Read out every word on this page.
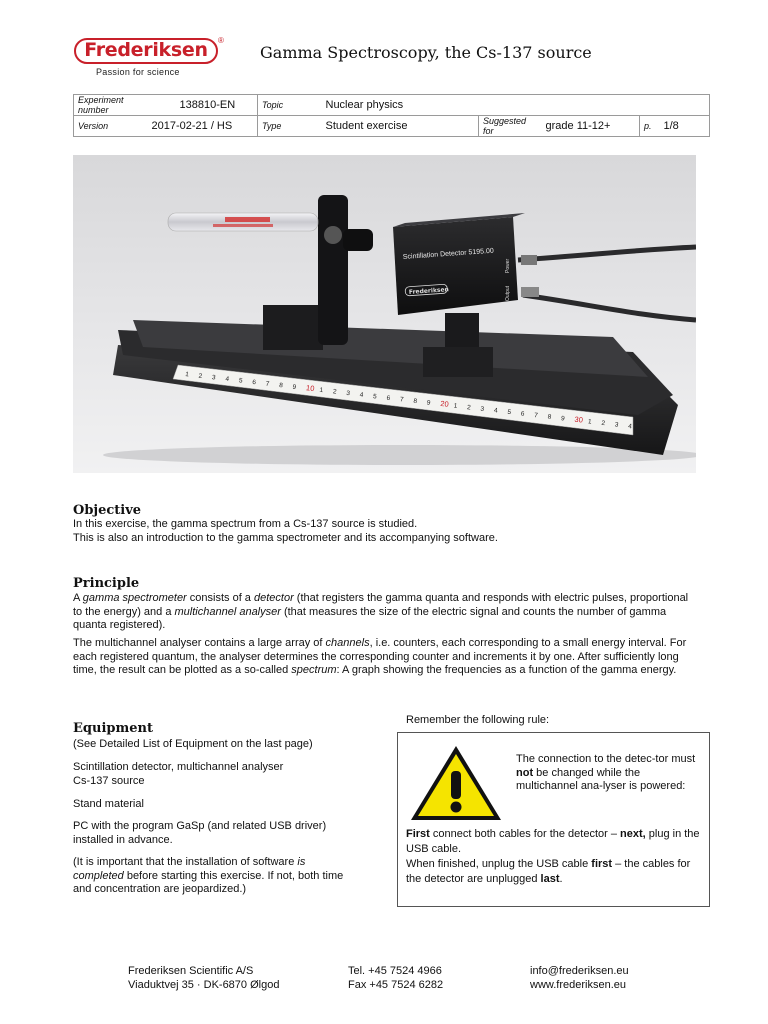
Frederiksen	®
Passion for science
Gamma Spectroscopy, the Cs-137 source
Experiment number	138810-EN	Topic	Nuclear physics				
Version	2017-02-21 / HS	Type	Student exercise	Suggested for	grade 11-12+	p.	1/8
1 2 3 4 5 6 7 8 9 10 1 2 3 4 5 6 7 8 9 20 1 2 3 4 5 6 7 8 9 30 1 2 3 4
Scintillation Detector 5195.00
Frederiksen
Power
Output
Objective
In this exercise, the gamma spectrum from a Cs-137 source is studied.
This is also an introduction to the gamma spectrometer and its accompanying software.
Principle
A gamma spectrometer consists of a detector (that registers the gamma quanta and responds with electric pulses, proportional to the energy) and a multichannel analyser (that measures the size of the electric signal and counts the number of gamma quanta registered).
The multichannel analyser contains a large array of channels, i.e. counters, each corresponding to a small energy interval. For each registered quantum, the analyser determines the corresponding counter and increments it by one. After sufficiently long time, the result can be plotted as a so-called spectrum: A graph showing the frequencies as a function of the gamma energy.
Equipment
(See Detailed List of Equipment on the last page)
Scintillation detector, multichannel analyser
Cs-137 source
Stand material
PC with the program GaSp (and related USB driver) installed in advance.
(It is important that the installation of software is completed before starting this exercise. If not, both time and concentration are jeopardized.)
Remember the following rule:
The connection to the detec-tor must not be changed while the multichannel ana-lyser is powered:
First connect both cables for the detector – next, plug in the USB cable.
When finished, unplug the USB cable first – the cables for the detector are unplugged last.
Frederiksen Scientific A/S
Viaduktvej 35 · DK-6870 Ølgod
Tel. +45 7524 4966
Fax +45 7524 6282
info@frederiksen.eu
www.frederiksen.eu
